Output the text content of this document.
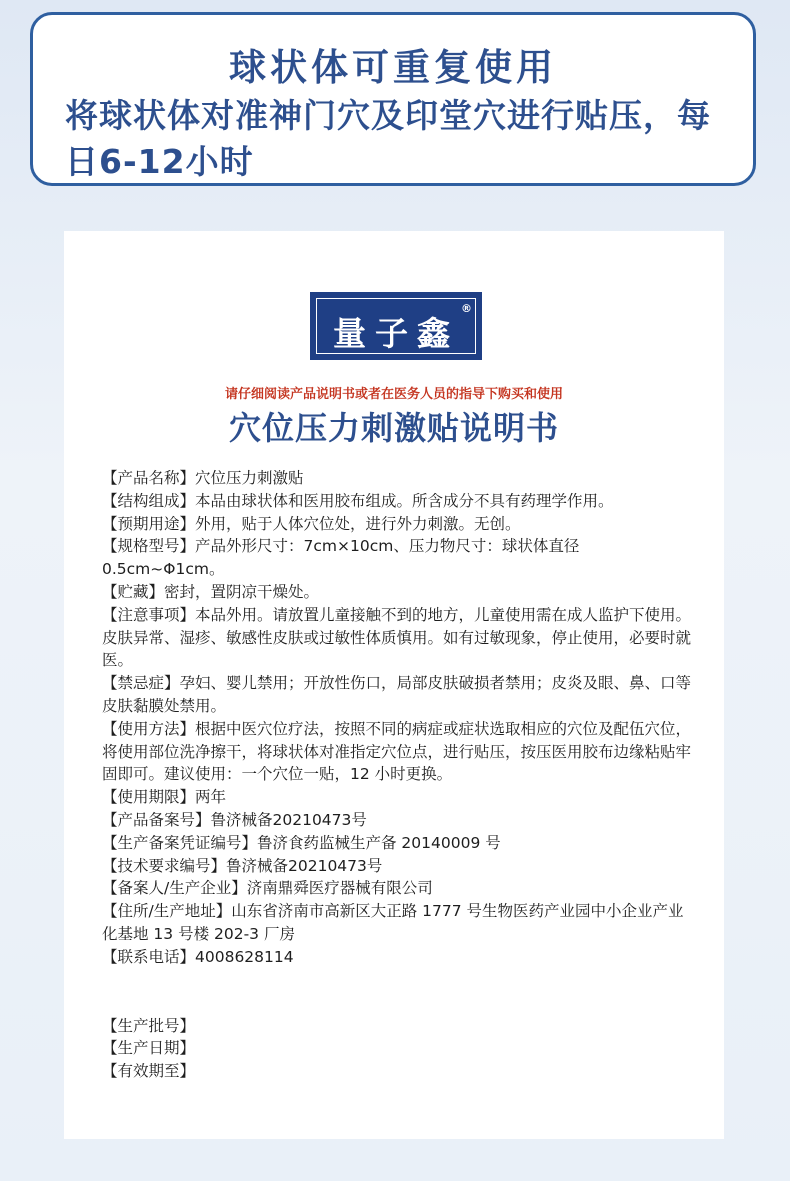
球状体可重复使用
将球状体对准神门穴及印堂穴进行贴压，每日6-12小时
量子鑫
®
请仔细阅读产品说明书或者在医务人员的指导下购买和使用
穴位压力刺激贴说明书

【产品名称】穴位压力刺激贴

【结构组成】本品由球状体和医用胶布组成。所含成分不具有药理学作用。

【预期用途】外用，贴于人体穴位处，进行外力刺激。无创。

【规格型号】产品外形尺寸：7cm×10cm、压力物尺寸：球状体直径0.5cm~Φ1cm。

【贮藏】密封，置阴凉干燥处。

【注意事项】本品外用。请放置儿童接触不到的地方，儿童使用需在成人监护下使用。皮肤异常、湿疹、敏感性皮肤或过敏性体质慎用。如有过敏现象，停止使用，必要时就医。

【禁忌症】孕妇、婴儿禁用；开放性伤口，局部皮肤破损者禁用；皮炎及眼、鼻、口等皮肤黏膜处禁用。

【使用方法】根据中医穴位疗法，按照不同的病症或症状选取相应的穴位及配伍穴位，将使用部位洗净擦干，将球状体对准指定穴位点，进行贴压，按压医用胶布边缘粘贴牢固即可。建议使用：一个穴位一贴，12 小时更换。

【使用期限】两年

【产品备案号】鲁济械备20210473号

【生产备案凭证编号】鲁济食药监械生产备 20140009 号

【技术要求编号】鲁济械备20210473号

【备案人/生产企业】济南鼎舜医疗器械有限公司

【住所/生产地址】山东省济南市高新区大正路 1777 号生物医药产业园中小企业产业化基地 13 号楼 202-3 厂房

【联系电话】4008628114

【生产批号】

【生产日期】

【有效期至】
